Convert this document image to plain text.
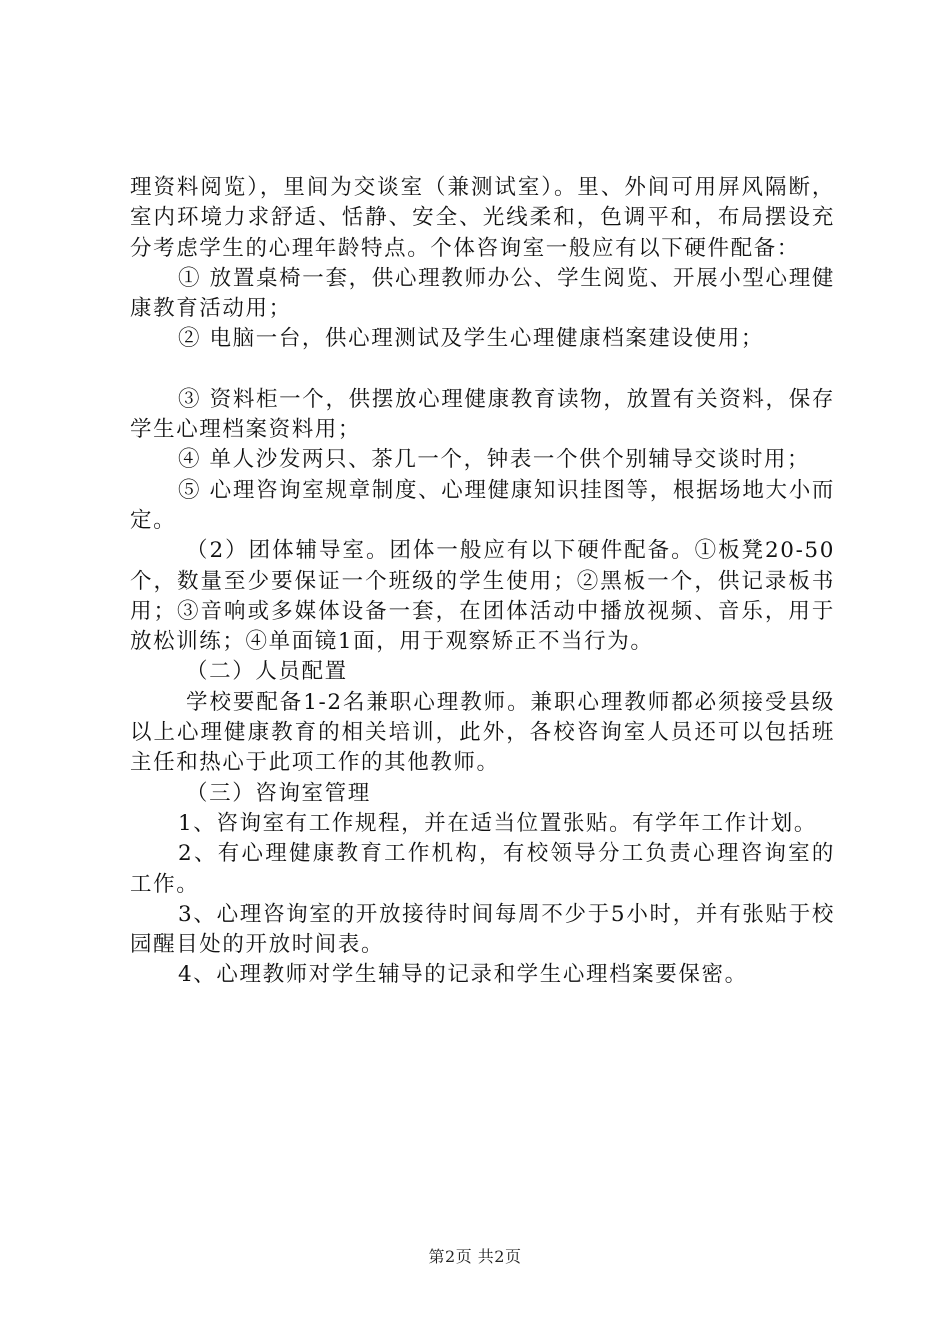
理资料阅览），里间为交谈室（兼测试室）。里、外间可用屏风隔断，室内环境力求舒适、恬静、安全、光线柔和，色调平和，布局摆设充分考虑学生的心理年龄特点。个体咨询室一般应有以下硬件配备：

① 放置桌椅一套，供心理教师办公、学生阅览、开展小型心理健康教育活动用；

② 电脑一台，供心理测试及学生心理健康档案建设使用；

③ 资料柜一个，供摆放心理健康教育读物，放置有关资料，保存学生心理档案资料用；

④ 单人沙发两只、茶几一个，钟表一个供个别辅导交谈时用；

⑤ 心理咨询室规章制度、心理健康知识挂图等，根据场地大小而定。

（2）团体辅导室。团体一般应有以下硬件配备。①板凳20-50个，数量至少要保证一个班级的学生使用；②黑板一个，供记录板书用；③音响或多媒体设备一套，在团体活动中播放视频、音乐，用于放松训练；④单面镜1面，用于观察矫正不当行为。

（二）人员配置

学校要配备1-2名兼职心理教师。兼职心理教师都必须接受县级以上心理健康教育的相关培训，此外，各校咨询室人员还可以包括班主任和热心于此项工作的其他教师。

（三）咨询室管理

1、咨询室有工作规程，并在适当位置张贴。有学年工作计划。

2、有心理健康教育工作机构，有校领导分工负责心理咨询室的工作。

3、心理咨询室的开放接待时间每周不少于5小时，并有张贴于校园醒目处的开放时间表。

4、心理教师对学生辅导的记录和学生心理档案要保密。

第2页 共2页
